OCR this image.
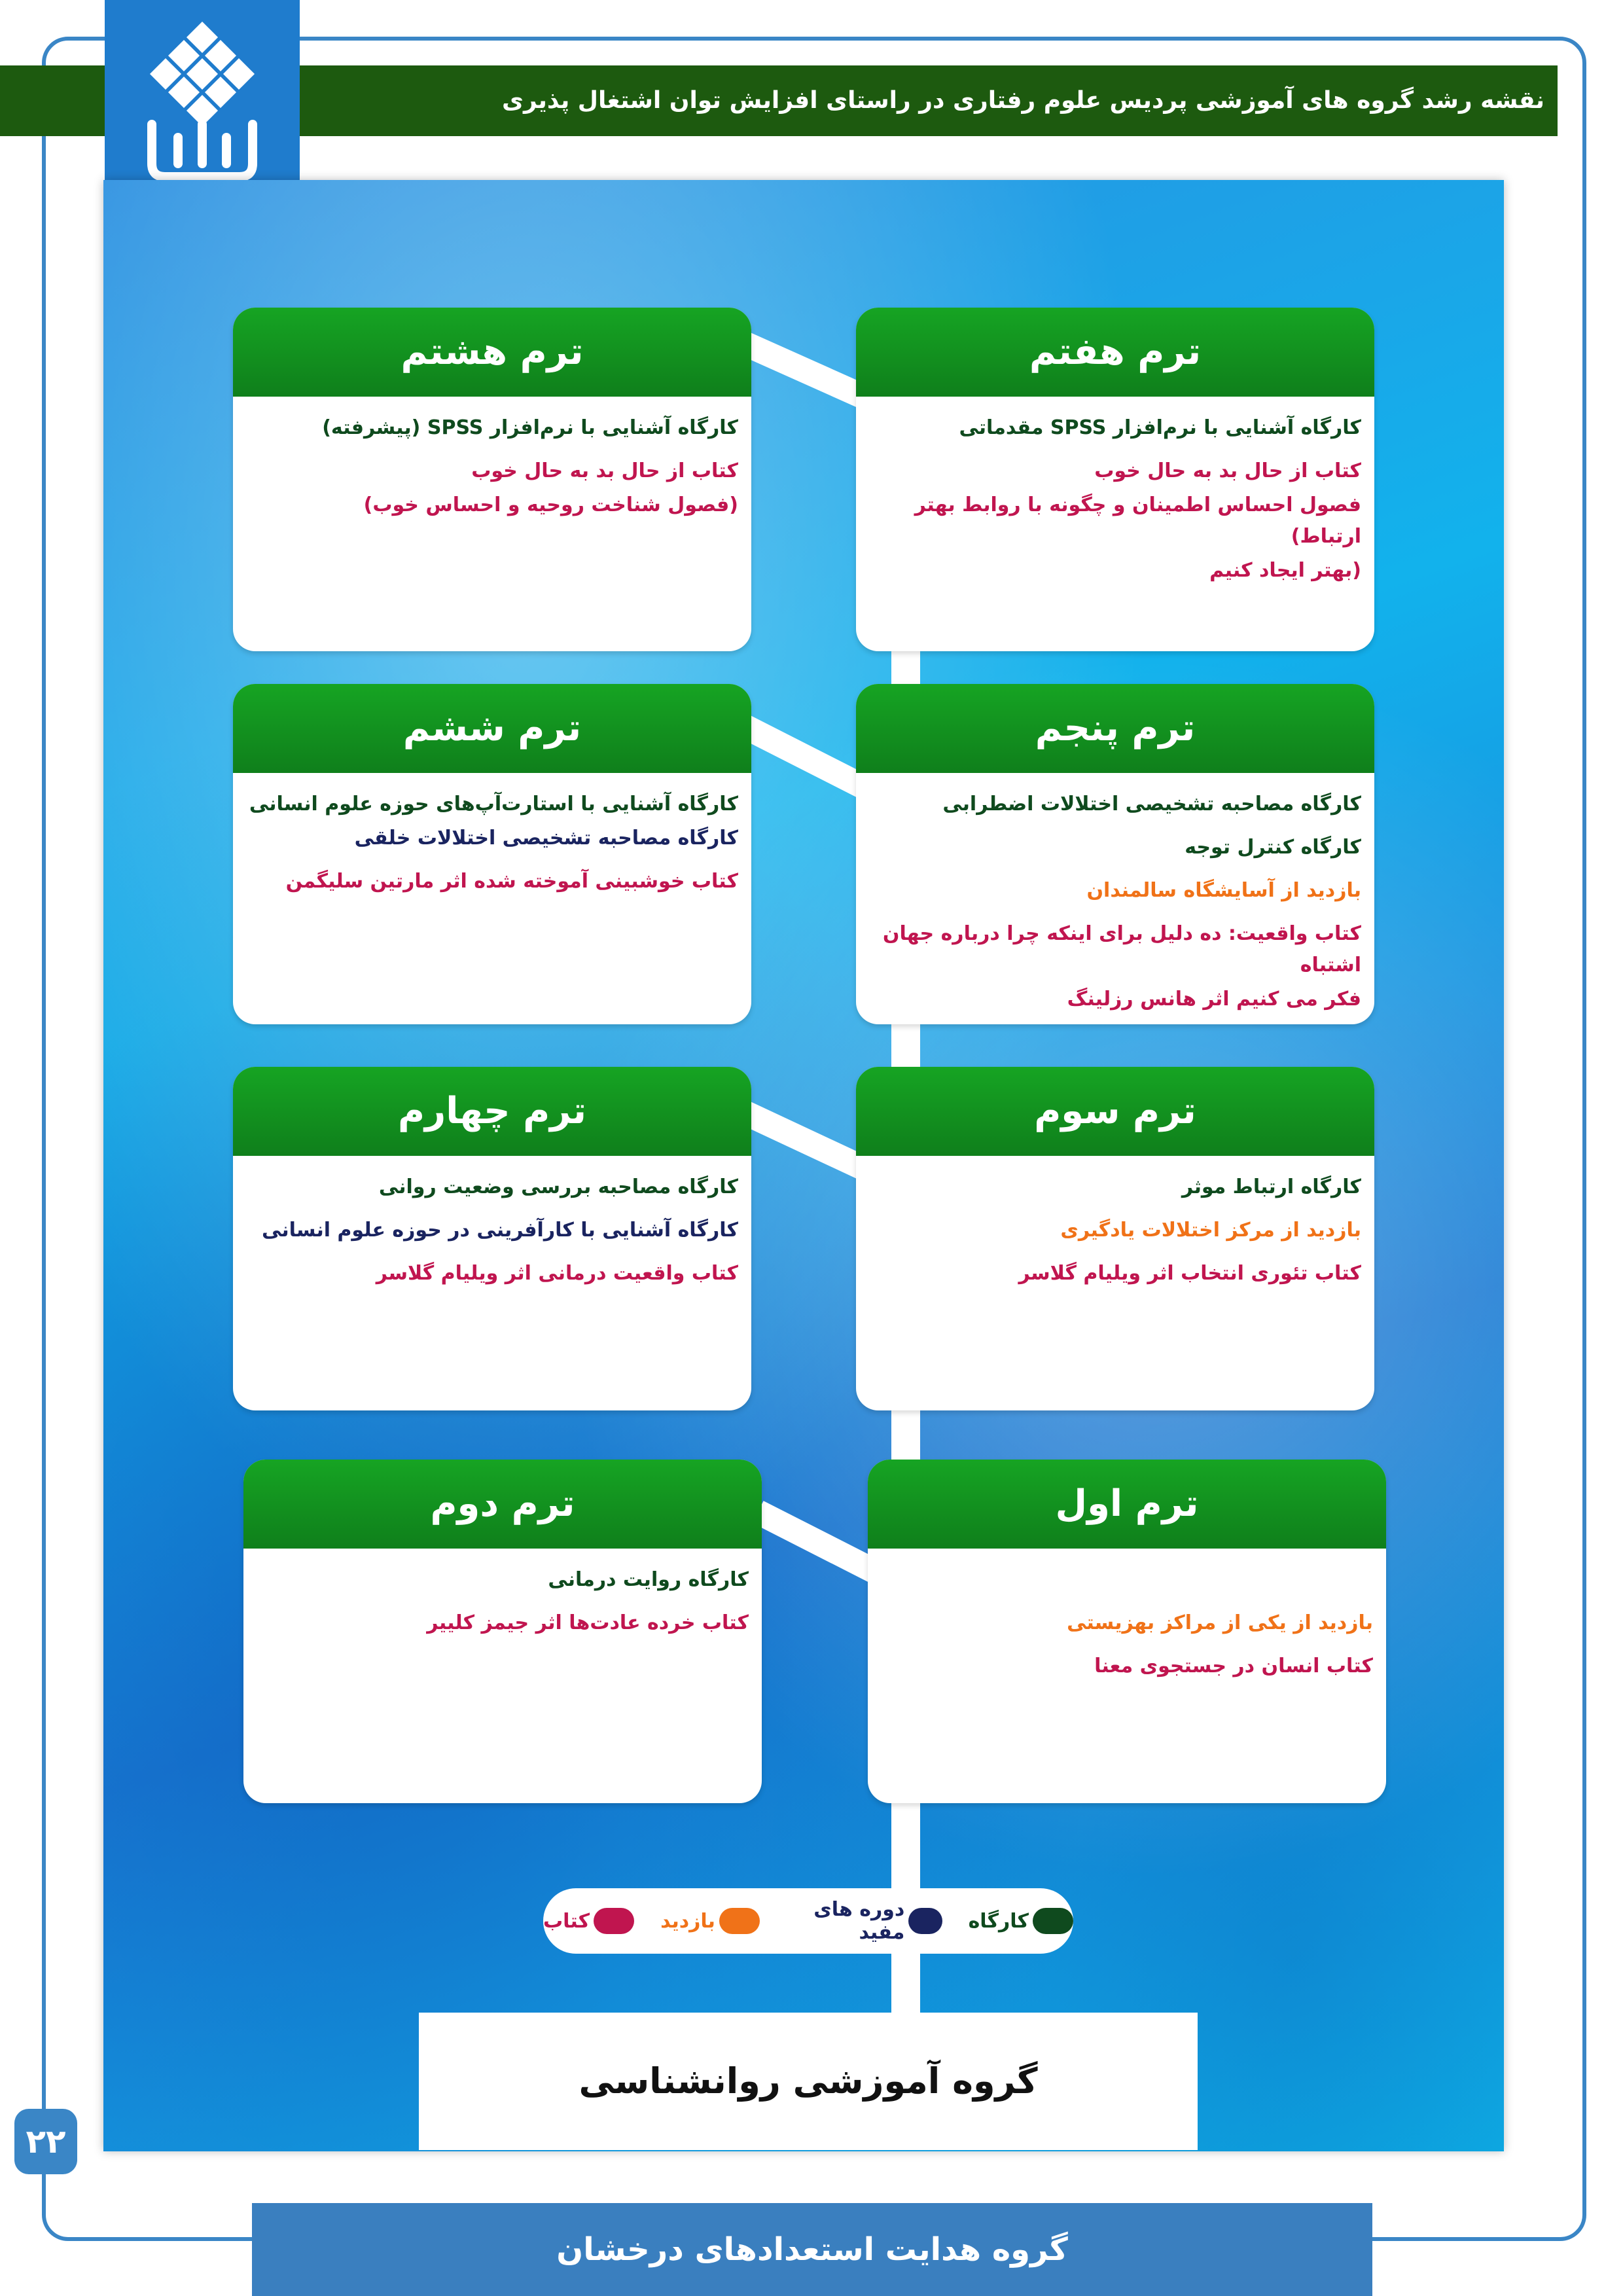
نقشه رشد گروه های آموزشی پردیس علوم رفتاری در راستای افزایش توان اشتغال پذیری
ترم هشتم
کارگاه آشنایی با نرم‌افزار SPSS (پیشرفته)
کتاب از حال بد به حال خوب
(فصول شناخت روحیه و احساس خوب)
ترم هفتم
کارگاه آشنایی با نرم‌افزار SPSS مقدماتی
کتاب از حال بد به حال خوب
فصول احساس اطمینان و چگونه با روابط بهتر ارتباط)
(بهتر ایجاد کنیم
ترم ششم
کارگاه آشنایی با استارت‌آپ‌های حوزه علوم انسانی
کارگاه مصاحبه تشخیصی اختلالات خلقی
کتاب خوشبینی آموخته شده اثر مارتین سلیگمن
ترم پنجم
کارگاه مصاحبه تشخیصی اختلالات اضطرابی
کارگاه کنترل توجه
بازدید از آسایشگاه سالمندان
کتاب واقعیت: ده دلیل برای اینکه چرا درباره جهان اشتباه
فکر می کنیم اثر هانس رزلینگ
ترم چهارم
کارگاه مصاحبه بررسی وضعیت روانی
کارگاه آشنایی با کارآفرینی در حوزه علوم انسانی
کتاب واقعیت درمانی اثر ویلیام گلاسر
ترم سوم
کارگاه ارتباط موثر
بازدید از مرکز اختلالات یادگیری
کتاب تئوری انتخاب اثر ویلیام گلاسر
ترم دوم
کارگاه روایت درمانی
کتاب خرده عادت‌ها اثر جیمز کلییر
ترم اول

بازدید از یکی از مراکز بهزیستی
کتاب انسان در جستجوی معنا
کارگاه
دوره های مفید
بازدید
کتاب
گروه آموزشی روانشناسی
۲۲
گروه هدایت استعدادهای درخشان
